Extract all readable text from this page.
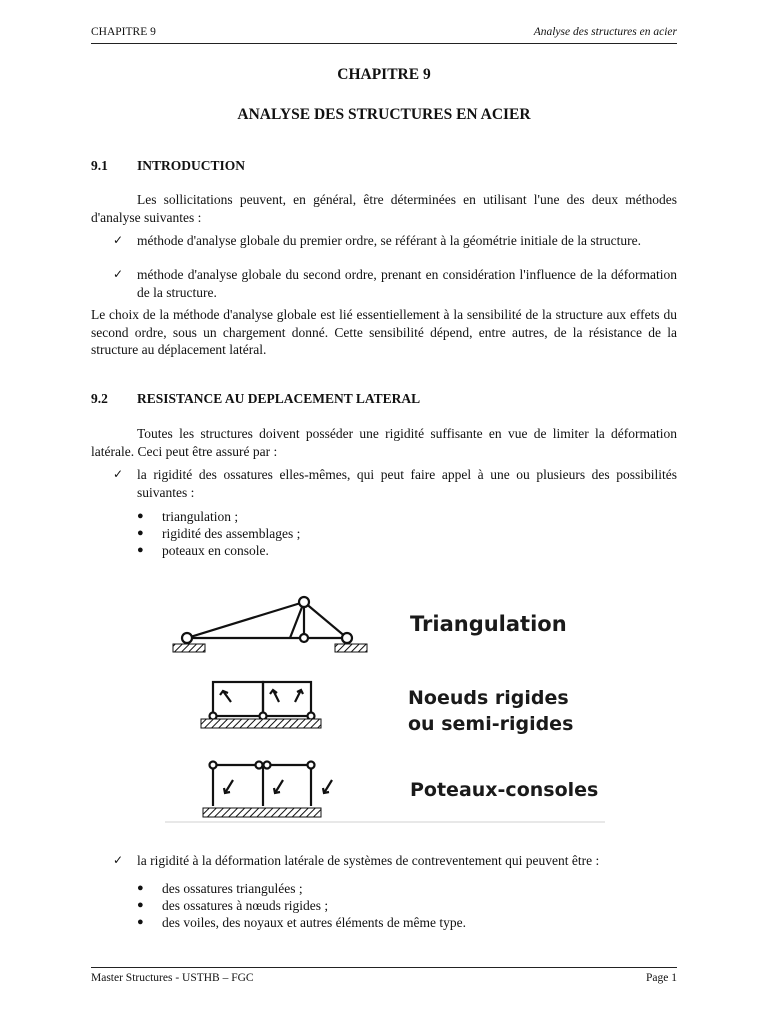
CHAPITRE 9	Analyse des structures en acier
CHAPITRE 9
ANALYSE DES STRUCTURES EN ACIER
9.1 INTRODUCTION
Les sollicitations peuvent, en général, être déterminées en utilisant l'une des deux méthodes d'analyse suivantes :
✓ méthode d'analyse globale du premier ordre, se référant à la géométrie initiale de la structure.
✓ méthode d'analyse globale du second ordre, prenant en considération l'influence de la déformation de la structure.
Le choix de la méthode d'analyse globale est lié essentiellement à la sensibilité de la structure aux effets du second ordre, sous un chargement donné. Cette sensibilité dépend, entre autres, de la résistance de la structure au déplacement latéral.
9.2 RESISTANCE AU DEPLACEMENT LATERAL
Toutes les structures doivent posséder une rigidité suffisante en vue de limiter la déformation latérale. Ceci peut être assuré par :
✓ la rigidité des ossatures elles-mêmes, qui peut faire appel à une ou plusieurs des possibilités suivantes :
● triangulation ;
● rigidité des assemblages ;
● poteaux en console.
Triangulation
Noeuds rigides
ou semi-rigides
Poteaux-consoles
✓ la rigidité à la déformation latérale de systèmes de contreventement qui peuvent être :
● des ossatures triangulées ;
● des ossatures à nœuds rigides ;
● des voiles, des noyaux et autres éléments de même type.
Master Structures - USTHB – FGC	Page 1
